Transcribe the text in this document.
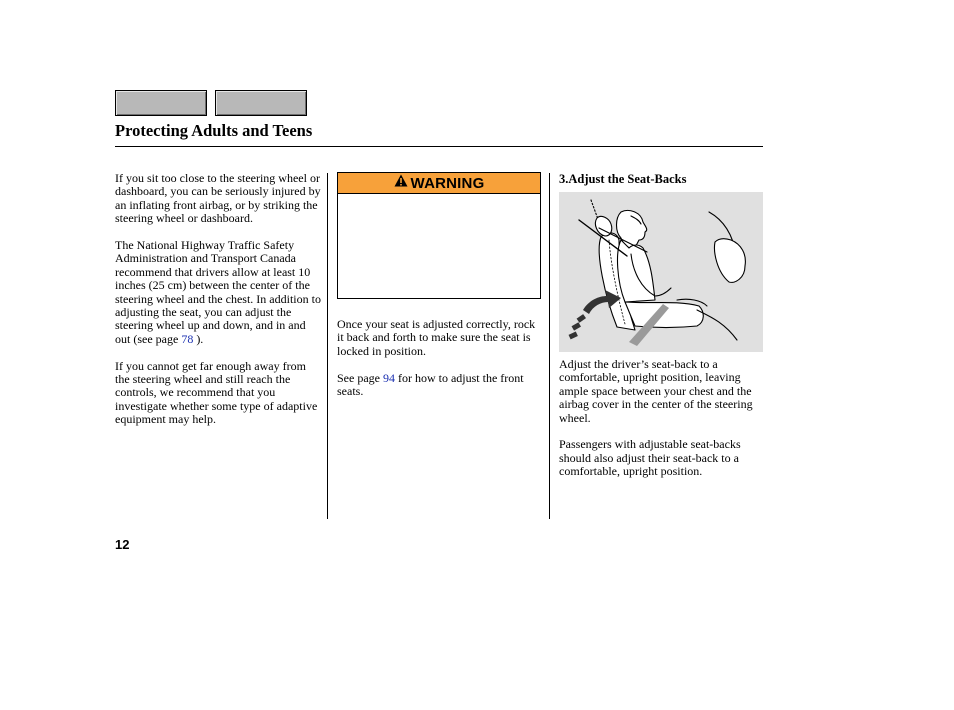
Protecting Adults and Teens

If you sit too close to the steering wheel or dashboard, you can be seriously injured by an inflating front airbag, or by striking the steering wheel or dashboard.

The National Highway Traffic Safety Administration and Transport Canada recommend that drivers allow at least 10 inches (25 cm) between the center of the steering wheel and the chest. In addition to adjusting the seat, you can adjust the steering wheel up and down, and in and out (see page 78 ).

If you cannot get far enough away from the steering wheel and still reach the controls, we recommend that you investigate whether some type of adaptive equipment may help.

WARNING

Once your seat is adjusted correctly, rock it back and forth to make sure the seat is locked in position.

See page 94 for how to adjust the front seats.

3.Adjust the Seat-Backs

Adjust the driver’s seat-back to a comfortable, upright position, leaving ample space between your chest and the airbag cover in the center of the steering wheel.

Passengers with adjustable seat-backs should also adjust their seat-back to a comfortable, upright position.

12
